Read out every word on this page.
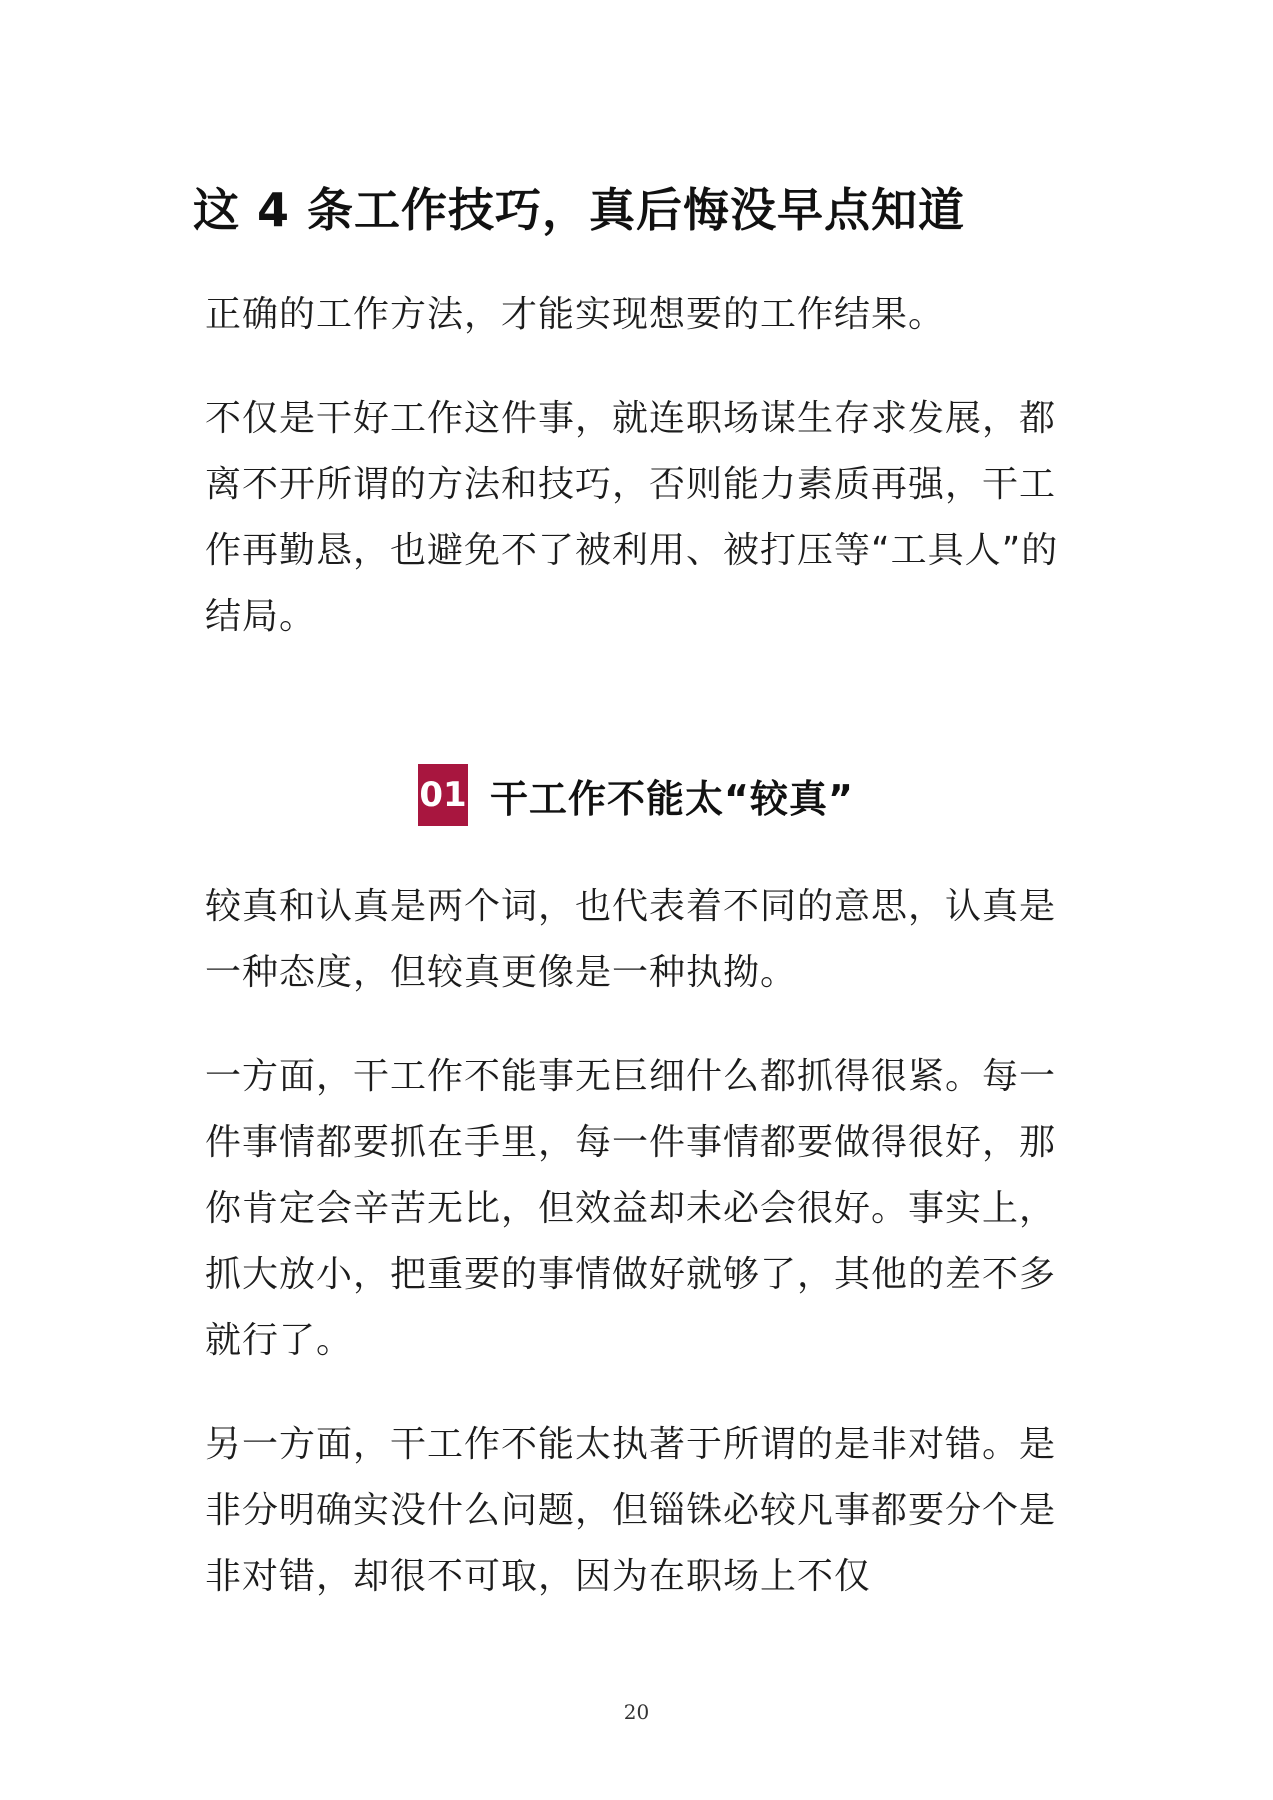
这 4 条工作技巧，真后悔没早点知道

正确的工作方法，才能实现想要的工作结果。

不仅是干好工作这件事，就连职场谋生存求发展，都离不开所谓的方法和技巧，否则能力素质再强，干工作再勤恳，也避免不了被利用、被打压等“工具人”的结局。

01 干工作不能太“较真”

较真和认真是两个词，也代表着不同的意思，认真是一种态度，但较真更像是一种执拗。

一方面，干工作不能事无巨细什么都抓得很紧。每一件事情都要抓在手里，每一件事情都要做得很好，那你肯定会辛苦无比，但效益却未必会很好。事实上，抓大放小，把重要的事情做好就够了，其他的差不多就行了。

另一方面，干工作不能太执著于所谓的是非对错。是非分明确实没什么问题，但锱铢必较凡事都要分个是非对错，却很不可取，因为在职场上不仅

20
